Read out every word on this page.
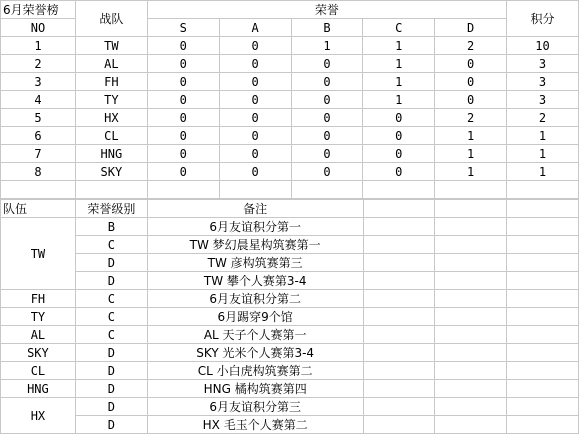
6月荣誉榜	战队	荣誉					积分
NO		S	A	B	C	D	
1	TW	0	0	1	1	2	10
2	AL	0	0	0	1	0	3
3	FH	0	0	0	1	0	3
4	TY	0	0	0	1	0	3
5	HX	0	0	0	0	2	2
6	CL	0	0	0	0	1	1
7	HNG	0	0	0	0	1	1
8	SKY	0	0	0	0	1	1

队伍	荣誉级别	备注			
TW	B	6月友谊积分第一			
	C	TW 梦幻晨星构筑赛第一			
	D	TW 彦构筑赛第三			
	D	TW 攀个人赛第3-4			
FH	C	6月友谊积分第二			
TY	C	6月踢穿9个馆			
AL	C	AL 天子个人赛第一			
SKY	D	SKY 光米个人赛第3-4			
CL	D	CL 小白虎构筑赛第二			
HNG	D	HNG 橘构筑赛第四			
HX	D	6月友谊积分第三			
	D	HX 毛玉个人赛第二			
